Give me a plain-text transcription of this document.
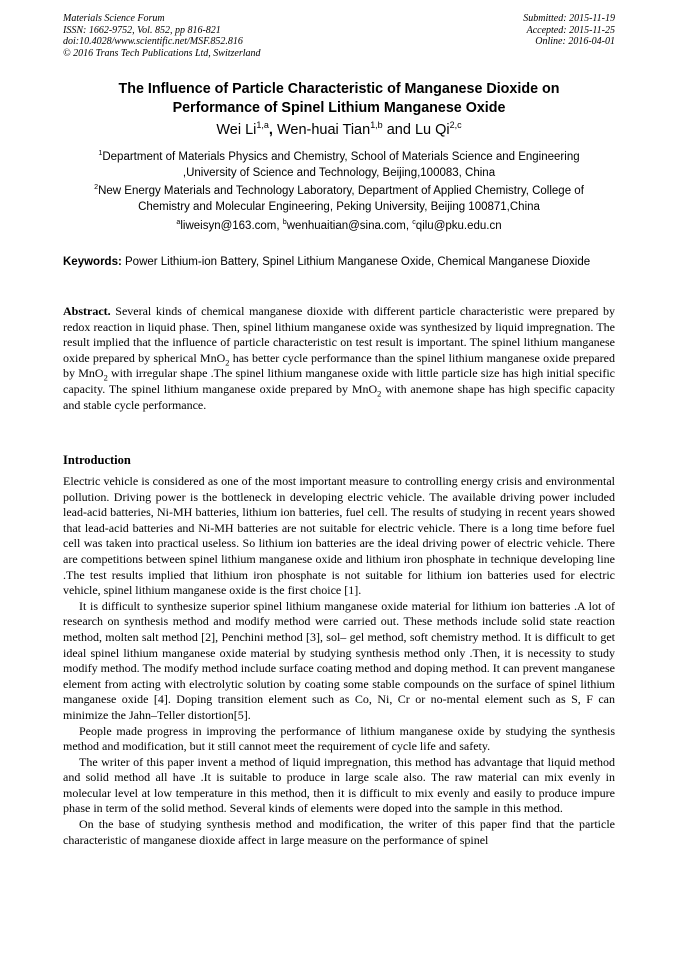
Materials Science Forum
ISSN: 1662-9752, Vol. 852, pp 816-821
doi:10.4028/www.scientific.net/MSF.852.816
© 2016 Trans Tech Publications Ltd, Switzerland
Submitted: 2015-11-19
Accepted: 2015-11-25
Online: 2016-04-01
The Influence of Particle Characteristic of Manganese Dioxide on
Performance of Spinel Lithium Manganese Oxide
Wei Li$^{1,a}$, Wen-huai Tian$^{1,b}$ and Lu Qi$^{2,c}$
$^1$Department of Materials Physics and Chemistry, School of Materials Science and Engineering
,University of Science and Technology, Beijing,100083, China
$^2$New Energy Materials and Technology Laboratory, Department of Applied Chemistry, College of
Chemistry and Molecular Engineering, Peking University, Beijing 100871,China
$^a$liweisyn@163.com, $^b$wenhuaitian@sina.com, $^c$qilu@pku.edu.cn
Keywords: Power Lithium-ion Battery, Spinel Lithium Manganese Oxide, Chemical Manganese Dioxide

Abstract. Several kinds of chemical manganese dioxide with different particle characteristic were prepared by redox reaction in liquid phase. Then, spinel lithium manganese oxide was synthesized by liquid impregnation. The result implied that the influence of particle characteristic on test result is important. The spinel lithium manganese oxide prepared by spherical MnO$_2$ has better cycle performance than the spinel lithium manganese oxide prepared by MnO$_2$ with irregular shape .The spinel lithium manganese oxide with little particle size has high initial specific capacity. The spinel lithium manganese oxide prepared by MnO$_2$ with anemone shape has high specific capacity and stable cycle performance.

Introduction

Electric vehicle is considered as one of the most important measure to controlling energy crisis and environmental pollution. Driving power is the bottleneck in developing electric vehicle. The available driving power included lead-acid batteries, Ni-MH batteries, lithium ion batteries, fuel cell. The results of studying in recent years showed that lead-acid batteries and Ni-MH batteries are not suitable for electric vehicle. There is a long time before fuel cell was taken into practical useless. So lithium ion batteries are the ideal driving power of electric vehicle. There are competitions between spinel lithium manganese oxide and lithium iron phosphate in technique developing line .The test results implied that lithium iron phosphate is not suitable for lithium ion batteries used for electric vehicle, spinel lithium manganese oxide is the first choice [1].

It is difficult to synthesize superior spinel lithium manganese oxide material for lithium ion batteries .A lot of research on synthesis method and modify method were carried out. These methods include solid state reaction method, molten salt method [2], Penchini method [3], sol– gel method, soft chemistry method. It is difficult to get ideal spinel lithium manganese oxide material by studying synthesis method only .Then, it is necessity to study modify method. The modify method include surface coating method and doping method. It can prevent manganese element from acting with electrolytic solution by coating some stable compounds on the surface of spinel lithium manganese oxide [4]. Doping transition element such as Co, Ni, Cr or no-mental element such as S, F can minimize the Jahn–Teller distortion[5].

People made progress in improving the performance of lithium manganese oxide by studying the synthesis method and modification, but it still cannot meet the requirement of cycle life and safety.

The writer of this paper invent a method of liquid impregnation, this method has advantage that liquid method and solid method all have .It is suitable to produce in large scale also. The raw material can mix evenly in molecular level at low temperature in this method, then it is difficult to mix evenly and easily to produce impure phase in term of the solid method. Several kinds of elements were doped into the sample in this method.

On the base of studying synthesis method and modification, the writer of this paper find that the particle characteristic of manganese dioxide affect in large measure on the performance of spinel
